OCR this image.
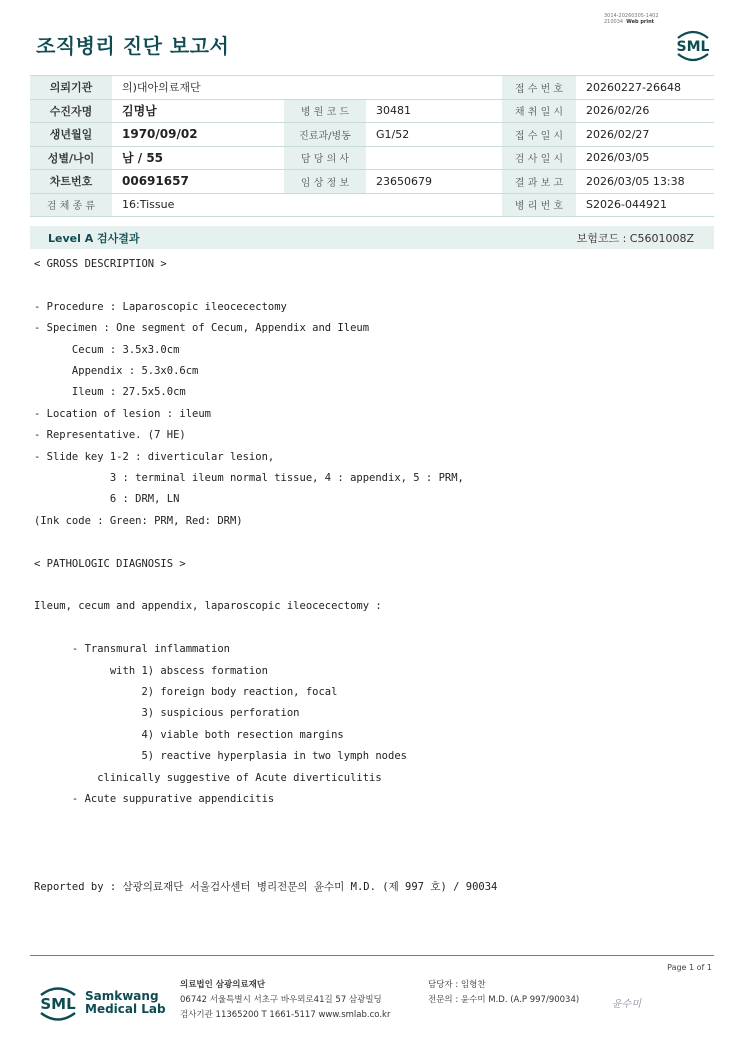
3014-20260305-1402
210034 Web print
조직병리 진단 보고서	SML
의뢰기관	의)대아의료재단			접 수 번 호	20260227-26648
수진자명	김명남	병 원 코 드	30481	채 취 일 시	2026/02/26
생년월일	1970/09/02	진료과/병동	G1/52	접 수 일 시	2026/02/27
성별/나이	남 / 55	담 당 의 사		검 사 일 시	2026/03/05
차트번호	00691657	임 상 정 보	23650679	결 과 보 고	2026/03/05 13:38
검 체 종 류	16:Tissue			병 리 번 호	S2026-044921
Level A 검사결과	보험코드 : C5601008Z
< GROSS DESCRIPTION >
- Procedure : Laparoscopic ileocecectomy
- Specimen : One segment of Cecum, Appendix and Ileum
Cecum : 3.5x3.0cm
Appendix : 5.3x0.6cm
Ileum : 27.5x5.0cm
- Location of lesion : ileum
- Representative. (7 HE)
- Slide key 1-2 : diverticular lesion,
3 : terminal ileum normal tissue, 4 : appendix, 5 : PRM,
6 : DRM, LN
(Ink code : Green: PRM, Red: DRM)
< PATHOLOGIC DIAGNOSIS >
Ileum, cecum and appendix, laparoscopic ileocecectomy :
- Transmural inflammation
with 1) abscess formation
2) foreign body reaction, focal
3) suspicious perforation
4) viable both resection margins
5) reactive hyperplasia in two lymph nodes
clinically suggestive of Acute diverticulitis
- Acute suppurative appendicitis
Reported by : 삼광의료재단 서울검사센터 병리전문의 윤수미 M.D. (제 997 호) / 90034
Page 1 of 1
SML Samkwang
Medical Lab
의료법인 삼광의료재단
06742 서울특별시 서초구 바우뫼로41길 57 삼광빌딩
검사기관 11365200 T 1661-5117 www.smlab.co.kr
담당자 : 임형찬
전문의 : 윤수미 M.D. (A.P 997/90034)	윤수미
